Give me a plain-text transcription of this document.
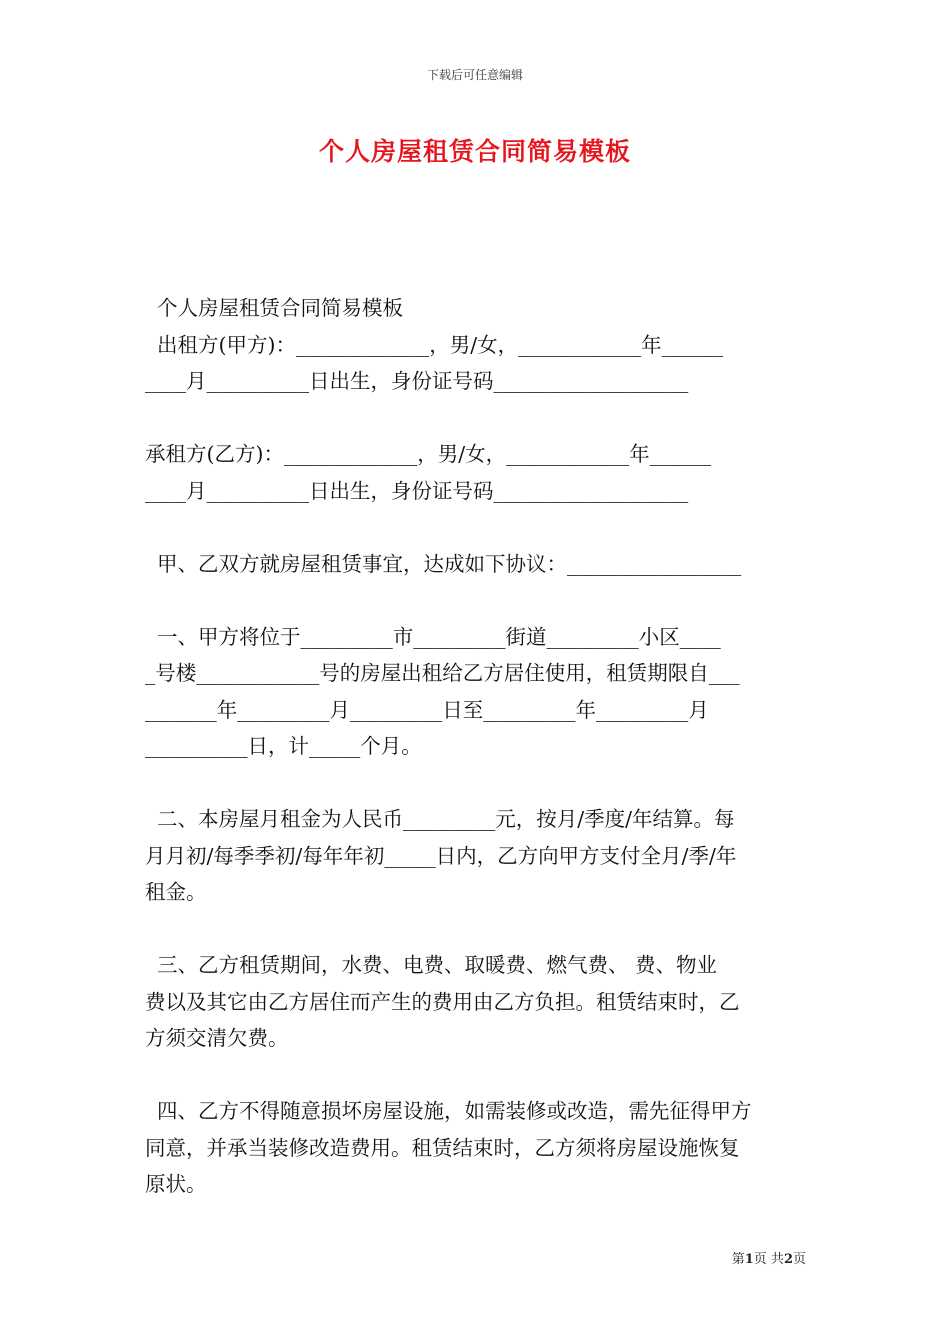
下载后可任意编辑
个人房屋租赁合同简易模板
个人房屋租赁合同简易模板
出租方(甲方)：_____________，男/女，____________年______
____月__________日出生，身份证号码___________________
承租方(乙方)：_____________，男/女，____________年______
____月__________日出生，身份证号码___________________
甲、乙双方就房屋租赁事宜，达成如下协议：_________________
一、甲方将位于_________市_________街道_________小区____
_号楼____________号的房屋出租给乙方居住使用，租赁期限自___
_______年_________月_________日至_________年_________月
__________日，计_____个月。
二、本房屋月租金为人民币_________元，按月/季度/年结算。每
月月初/每季季初/每年年初_____日内，乙方向甲方支付全月/季/年
租金。
三、乙方租赁期间，水费、电费、取暖费、燃气费、 费、物业
费以及其它由乙方居住而产生的费用由乙方负担。租赁结束时，乙
方须交清欠费。
四、乙方不得随意损坏房屋设施，如需装修或改造，需先征得甲方
同意，并承当装修改造费用。租赁结束时，乙方须将房屋设施恢复
原状。
第1页 共2页
